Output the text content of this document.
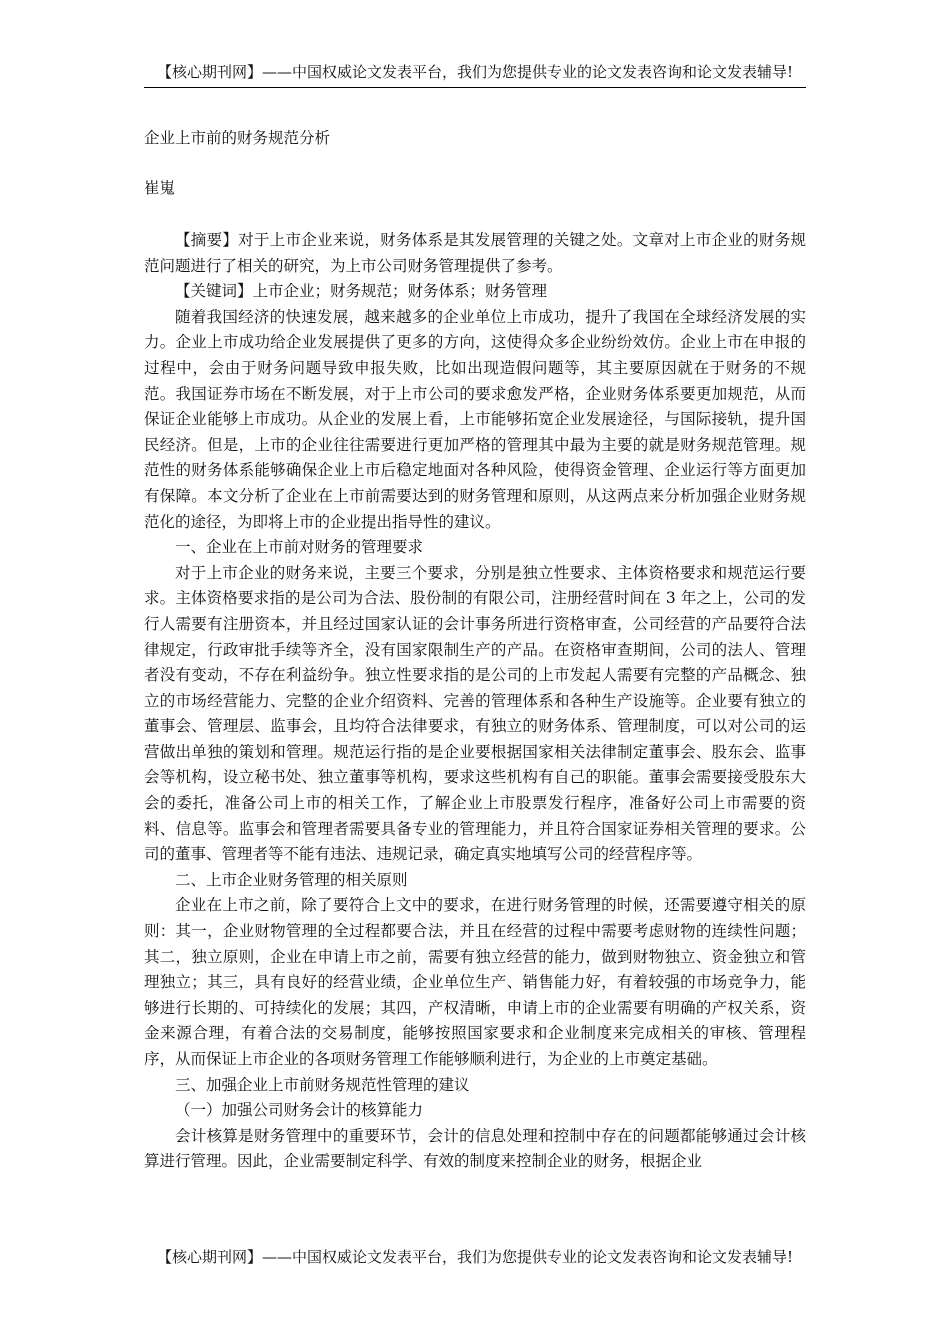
【核心期刊网】——中国权威论文发表平台，我们为您提供专业的论文发表咨询和论文发表辅导!

企业上市前的财务规范分析

崔嵬

【摘要】对于上市企业来说，财务体系是其发展管理的关键之处。文章对上市企业的财务规范问题进行了相关的研究，为上市公司财务管理提供了参考。

【关键词】上市企业；财务规范；财务体系；财务管理

随着我国经济的快速发展，越来越多的企业单位上市成功，提升了我国在全球经济发展的实力。企业上市成功给企业发展提供了更多的方向，这使得众多企业纷纷效仿。企业上市在申报的过程中，会由于财务问题导致申报失败，比如出现造假问题等，其主要原因就在于财务的不规范。我国证券市场在不断发展，对于上市公司的要求愈发严格，企业财务体系要更加规范，从而保证企业能够上市成功。从企业的发展上看，上市能够拓宽企业发展途径，与国际接轨，提升国民经济。但是，上市的企业往往需要进行更加严格的管理其中最为主要的就是财务规范管理。规范性的财务体系能够确保企业上市后稳定地面对各种风险，使得资金管理、企业运行等方面更加有保障。本文分析了企业在上市前需要达到的财务管理和原则，从这两点来分析加强企业财务规范化的途径，为即将上市的企业提出指导性的建议。

一、企业在上市前对财务的管理要求

对于上市企业的财务来说，主要三个要求，分别是独立性要求、主体资格要求和规范运行要求。主体资格要求指的是公司为合法、股份制的有限公司，注册经营时间在 3 年之上，公司的发行人需要有注册资本，并且经过国家认证的会计事务所进行资格审查，公司经营的产品要符合法律规定，行政审批手续等齐全，没有国家限制生产的产品。在资格审查期间，公司的法人、管理者没有变动，不存在利益纷争。独立性要求指的是公司的上市发起人需要有完整的产品概念、独立的市场经营能力、完整的企业介绍资料、完善的管理体系和各种生产设施等。企业要有独立的董事会、管理层、监事会，且均符合法律要求，有独立的财务体系、管理制度，可以对公司的运营做出单独的策划和管理。规范运行指的是企业要根据国家相关法律制定董事会、股东会、监事会等机构，设立秘书处、独立董事等机构，要求这些机构有自己的职能。董事会需要接受股东大会的委托，准备公司上市的相关工作，了解企业上市股票发行程序，准备好公司上市需要的资料、信息等。监事会和管理者需要具备专业的管理能力，并且符合国家证券相关管理的要求。公司的董事、管理者等不能有违法、违规记录，确定真实地填写公司的经营程序等。

二、上市企业财务管理的相关原则

企业在上市之前，除了要符合上文中的要求，在进行财务管理的时候，还需要遵守相关的原则：其一，企业财物管理的全过程都要合法，并且在经营的过程中需要考虑财物的连续性问题；其二，独立原则，企业在申请上市之前，需要有独立经营的能力，做到财物独立、资金独立和管理独立；其三，具有良好的经营业绩，企业单位生产、销售能力好，有着较强的市场竞争力，能够进行长期的、可持续化的发展；其四，产权清晰，申请上市的企业需要有明确的产权关系，资金来源合理，有着合法的交易制度，能够按照国家要求和企业制度来完成相关的审核、管理程序，从而保证上市企业的各项财务管理工作能够顺利进行，为企业的上市奠定基础。

三、加强企业上市前财务规范性管理的建议

（一）加强公司财务会计的核算能力

会计核算是财务管理中的重要环节，会计的信息处理和控制中存在的问题都能够通过会计核算进行管理。因此，企业需要制定科学、有效的制度来控制企业的财务，根据企业

【核心期刊网】——中国权威论文发表平台，我们为您提供专业的论文发表咨询和论文发表辅导!
